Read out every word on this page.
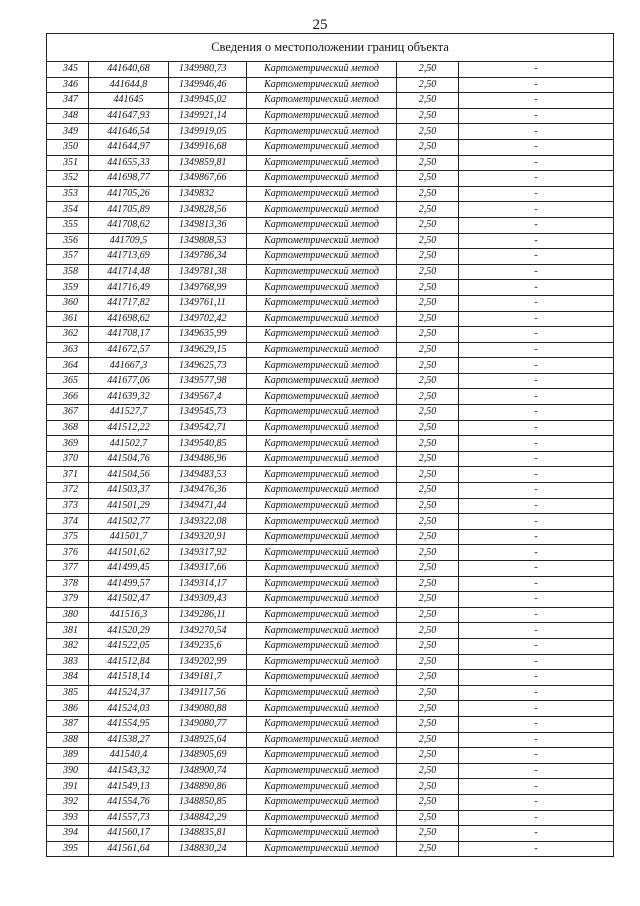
25
Сведения о местоположении границ объекта					
345	441640,68	1349980,73	Картометрический метод	2,50	-
346	441644,8	1349946,46	Картометрический метод	2,50	-
347	441645	1349945,02	Картометрический метод	2,50	-
348	441647,93	1349921,14	Картометрический метод	2,50	-
349	441646,54	1349919,05	Картометрический метод	2,50	-
350	441644,97	1349916,68	Картометрический метод	2,50	-
351	441655,33	1349859,81	Картометрический метод	2,50	-
352	441698,77	1349867,66	Картометрический метод	2,50	-
353	441705,26	1349832	Картометрический метод	2,50	-
354	441705,89	1349828,56	Картометрический метод	2,50	-
355	441708,62	1349813,36	Картометрический метод	2,50	-
356	441709,5	1349808,53	Картометрический метод	2,50	-
357	441713,69	1349786,34	Картометрический метод	2,50	-
358	441714,48	1349781,38	Картометрический метод	2,50	-
359	441716,49	1349768,99	Картометрический метод	2,50	-
360	441717,82	1349761,11	Картометрический метод	2,50	-
361	441698,62	1349702,42	Картометрический метод	2,50	-
362	441708,17	1349635,99	Картометрический метод	2,50	-
363	441672,57	1349629,15	Картометрический метод	2,50	-
364	441667,3	1349625,73	Картометрический метод	2,50	-
365	441677,06	1349577,98	Картометрический метод	2,50	-
366	441639,32	1349567,4	Картометрический метод	2,50	-
367	441527,7	1349545,73	Картометрический метод	2,50	-
368	441512,22	1349542,71	Картометрический метод	2,50	-
369	441502,7	1349540,85	Картометрический метод	2,50	-
370	441504,76	1349486,96	Картометрический метод	2,50	-
371	441504,56	1349483,53	Картометрический метод	2,50	-
372	441503,37	1349476,36	Картометрический метод	2,50	-
373	441501,29	1349471,44	Картометрический метод	2,50	-
374	441502,77	1349322,08	Картометрический метод	2,50	-
375	441501,7	1349320,91	Картометрический метод	2,50	-
376	441501,62	1349317,92	Картометрический метод	2,50	-
377	441499,45	1349317,66	Картометрический метод	2,50	-
378	441499,57	1349314,17	Картометрический метод	2,50	-
379	441502,47	1349309,43	Картометрический метод	2,50	-
380	441516,3	1349286,11	Картометрический метод	2,50	-
381	441520,29	1349270,54	Картометрический метод	2,50	-
382	441522,05	1349235,6	Картометрический метод	2,50	-
383	441512,84	1349202,99	Картометрический метод	2,50	-
384	441518,14	1349181,7	Картометрический метод	2,50	-
385	441524,37	1349117,56	Картометрический метод	2,50	-
386	441524,03	1349080,88	Картометрический метод	2,50	-
387	441554,95	1349080,77	Картометрический метод	2,50	-
388	441538,27	1348925,64	Картометрический метод	2,50	-
389	441540,4	1348905,69	Картометрический метод	2,50	-
390	441543,32	1348900,74	Картометрический метод	2,50	-
391	441549,13	1348890,86	Картометрический метод	2,50	-
392	441554,76	1348850,85	Картометрический метод	2,50	-
393	441557,73	1348842,29	Картометрический метод	2,50	-
394	441560,17	1348835,81	Картометрический метод	2,50	-
395	441561,64	1348830,24	Картометрический метод	2,50	-
